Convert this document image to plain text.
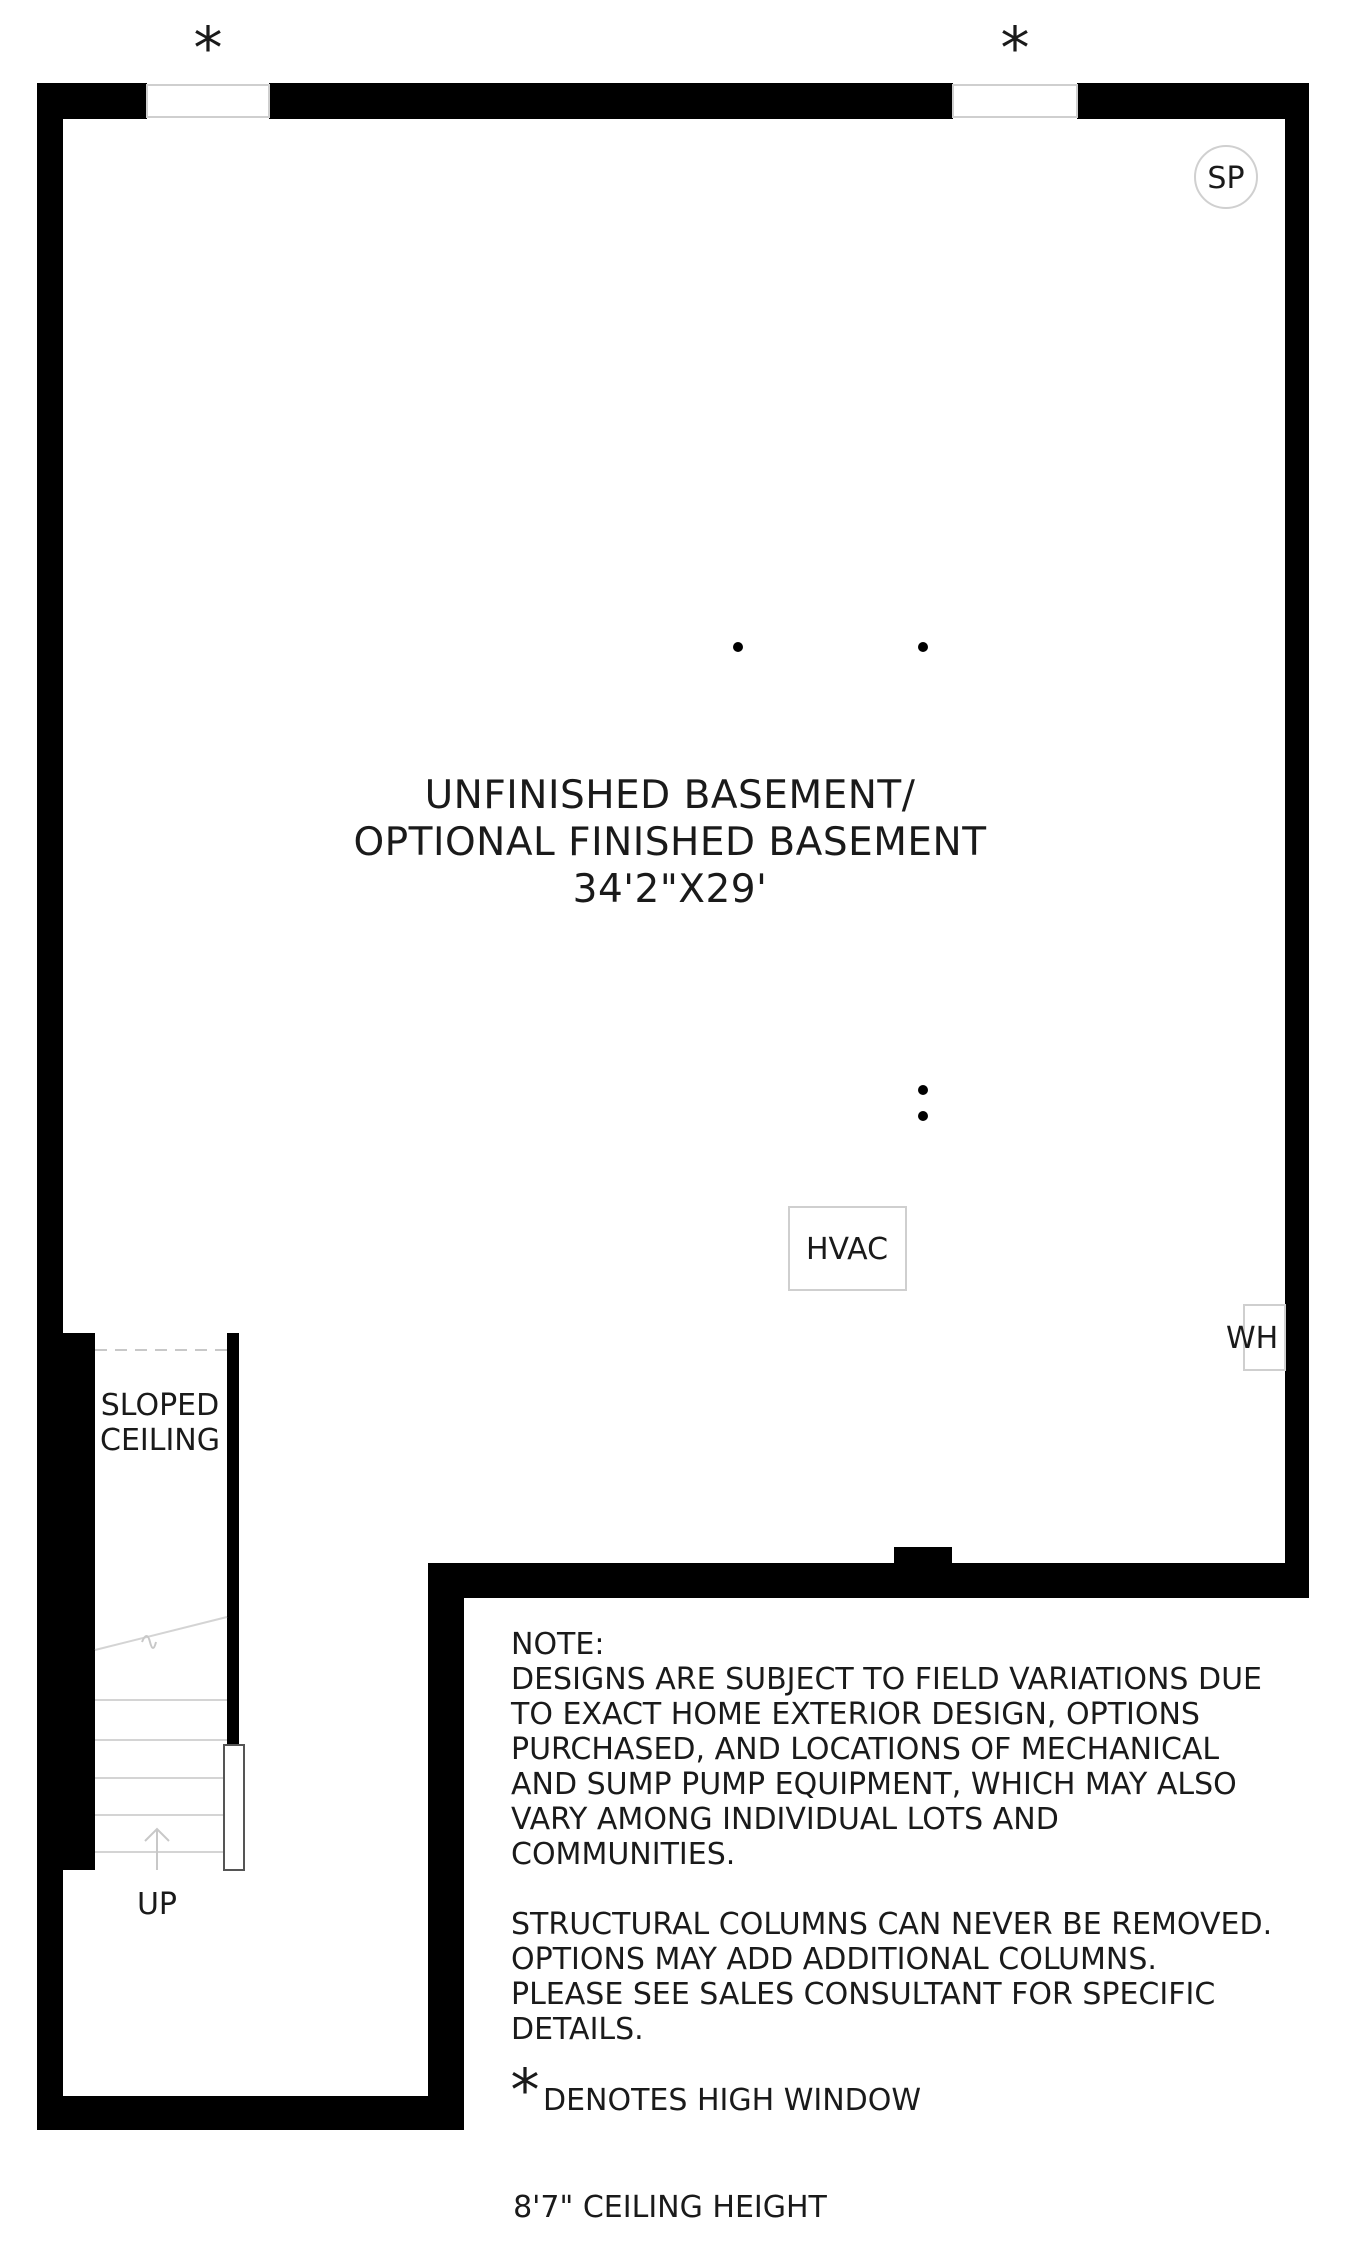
*	*
SP
UNFINISHED BASEMENT/
OPTIONAL FINISHED BASEMENT
34'2"X29'
HVAC
WH
SLOPED
CEILING
UP
NOTE:
DESIGNS ARE SUBJECT TO FIELD VARIATIONS DUE
TO EXACT HOME EXTERIOR DESIGN, OPTIONS
PURCHASED, AND LOCATIONS OF MECHANICAL
AND SUMP PUMP EQUIPMENT, WHICH MAY ALSO
VARY AMONG INDIVIDUAL LOTS AND
COMMUNITIES.
STRUCTURAL COLUMNS CAN NEVER BE REMOVED.
OPTIONS MAY ADD ADDITIONAL COLUMNS.
PLEASE SEE SALES CONSULTANT FOR SPECIFIC
DETAILS.
* DENOTES HIGH WINDOW
8'7" CEILING HEIGHT
